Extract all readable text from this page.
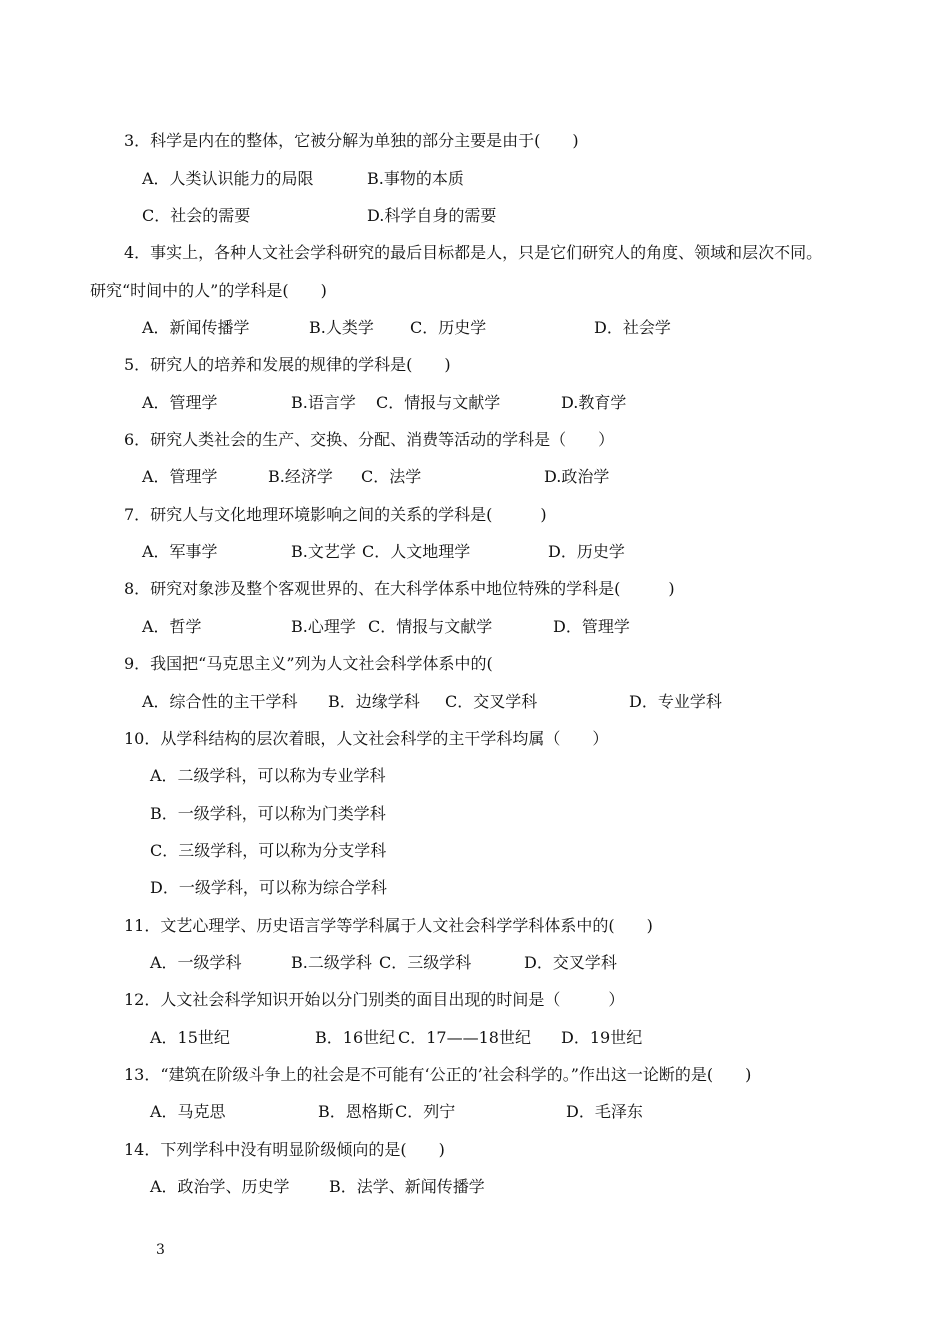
3．科学是内在的整体，它被分解为单独的部分主要是由于(　　)
A．人类认识能力的局限	B.事物的本质
C．社会的需要	D.科学自身的需要
4．事实上，各种人文社会学科研究的最后目标都是人，只是它们研究人的角度、领域和层次不同。
研究“时间中的人”的学科是(　　)
A．新闻传播学	B.人类学 C．历史学	D．社会学
5．研究人的培养和发展的规律的学科是(　　)
A．管理学	B.语言学 C．情报与文献学	D.教育学
6．研究人类社会的生产、交换、分配、消费等活动的学科是（　　）
A．管理学	B.经济学 C．法学	D.政治学
7．研究人与文化地理环境影响之间的关系的学科是(　　　)
A．军事学	B.文艺学 C．人文地理学	D．历史学
8．研究对象涉及整个客观世界的、在大科学体系中地位特殊的学科是(　　　)
A．哲学	B.心理学 C．情报与文献学	D．管理学
9．我国把“马克思主义”列为人文社会科学体系中的(
A．综合性的主干学科 B．边缘学科 C．交叉学科	D．专业学科
10．从学科结构的层次着眼，人文社会科学的主干学科均属（　　）
A．二级学科，可以称为专业学科
B．一级学科，可以称为门类学科
C．三级学科，可以称为分支学科
D．一级学科，可以称为综合学科
11．文艺心理学、历史语言学等学科属于人文社会科学学科体系中的(　　)
A．一级学科	B.二级学科 C．三级学科	D．交叉学科
12．人文社会科学知识开始以分门别类的面目出现的时间是（　　　）
A．15世纪	B．16世纪 C．17——18世纪 D．19世纪
13．“建筑在阶级斗争上的社会是不可能有‘公正的’社会科学的。”作出这一论断的是(　　)
A．马克思	B．恩格斯 C．列宁	D．毛泽东
14．下列学科中没有明显阶级倾向的是(　　)
A．政治学、历史学 B．法学、新闻传播学
3
